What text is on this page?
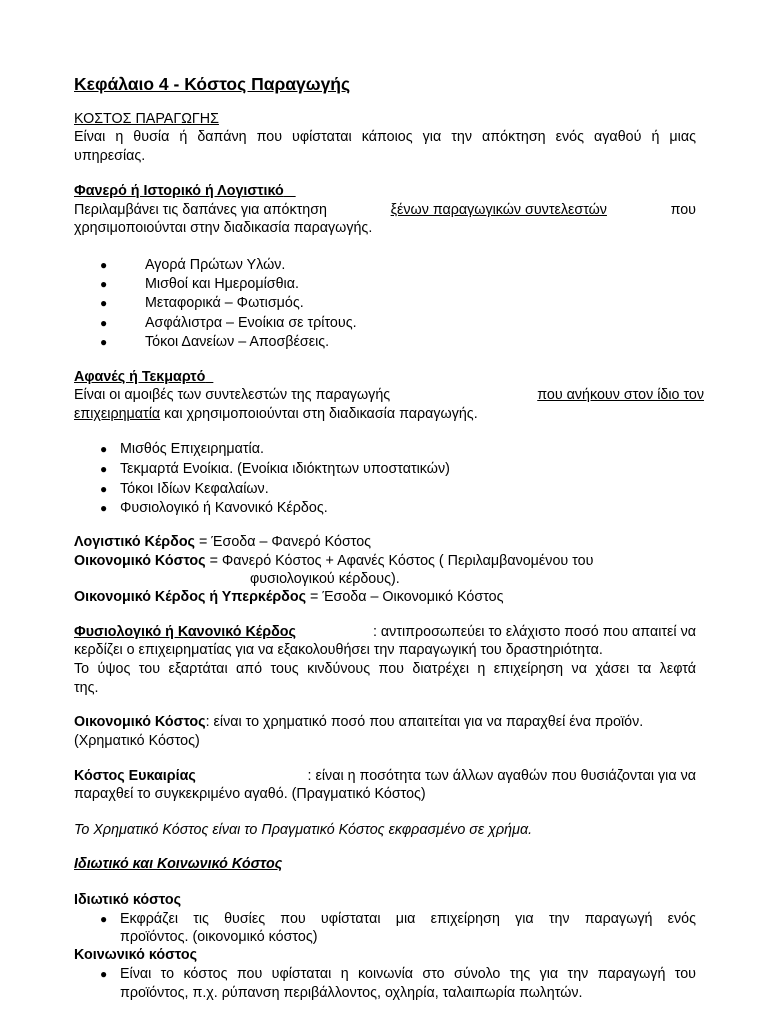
Κεφάλαιο 4 - Κόστος Παραγωγής
ΚΟΣΤΟΣ ΠΑΡΑΓΩΓΗΣ
Είναι η θυσία ή δαπάνη που υφίσταται κάποιος για την απόκτηση ενός αγαθού ή μιας
υπηρεσίας.
Φανερό ή Ιστορικό ή Λογιστικό
Περιλαμβάνει τις δαπάνες για απόκτηση	ξένων παραγωγικών συντελεστών	που
χρησιμοποιούνται στην διαδικασία παραγωγής.
●	Αγορά Πρώτων Υλών.
●	Μισθοί και Ημερομίσθια.
●	Μεταφορικά – Φωτισμός.
●	Ασφάλιστρα – Ενοίκια σε τρίτους.
●	Τόκοι Δανείων – Αποσβέσεις.
Αφανές ή Τεκμαρτό
Είναι οι αμοιβές των συντελεστών της παραγωγής	που ανήκουν στον ίδιο τον
επιχειρηματία και χρησιμοποιούνται στη διαδικασία παραγωγής.
● Μισθός Επιχειρηματία.
● Τεκμαρτά Ενοίκια. (Ενοίκια ιδιόκτητων υποστατικών)
● Τόκοι Ιδίων Κεφαλαίων.
● Φυσιολογικό ή Κανονικό Κέρδος.
Λογιστικό Κέρδος = Έσοδα – Φανερό Κόστος
Οικονομικό Κόστος = Φανερό Κόστος + Αφανές Κόστος ( Περιλαμβανομένου του
φυσιολογικού κέρδους).
Οικονομικό Κέρδος ή Υπερκέρδος = Έσοδα – Οικονομικό Κόστος
Φυσιολογικό ή Κανονικό Κέρδος	: αντιπροσωπεύει το ελάχιστο ποσό που απαιτεί να
κερδίζει ο επιχειρηματίας για να εξακολουθήσει την παραγωγική του δραστηριότητα.
Το ύψος του εξαρτάται από τους κινδύνους που διατρέχει η επιχείρηση να χάσει τα λεφτά
της.
Οικονομικό Κόστος: είναι το χρηματικό ποσό που απαιτείται για να παραχθεί ένα προϊόν.
(Χρηματικό Κόστος)
Κόστος Ευκαιρίας	: είναι η ποσότητα των άλλων αγαθών που θυσιάζονται για να
παραχθεί το συγκεκριμένο αγαθό. (Πραγματικό Κόστος)
Το Χρηματικό Κόστος είναι το Πραγματικό Κόστος εκφρασμένο σε χρήμα.
Ιδιωτικό και Κοινωνικό Κόστος
Ιδιωτικό κόστος
● Εκφράζει τις θυσίες που υφίσταται μια επιχείρηση για την παραγωγή ενός
προϊόντος. (οικονομικό κόστος)
Κοινωνικό κόστος
● Είναι το κόστος που υφίσταται η κοινωνία στο σύνολο της για την παραγωγή του
προϊόντος, π.χ. ρύπανση περιβάλλοντος, οχληρία, ταλαιπωρία πωλητών.
